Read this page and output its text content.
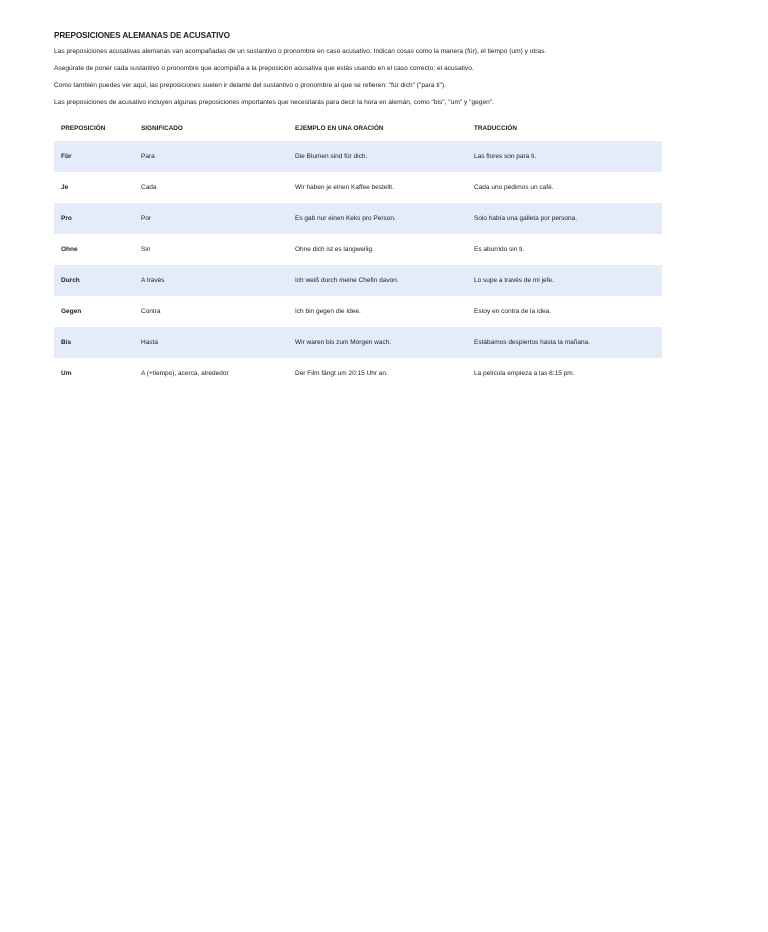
PREPOSICIONES ALEMANAS DE ACUSATIVO

Las preposiciones acusativas alemanas van acompañadas de un sustantivo o pronombre en caso acusativo. Indican cosas como la manera (für), el tiempo (um) y otras.

Asegúrate de poner cada sustantivo o pronombre que acompaña a la preposición acusativa que estás usando en el caso correcto: el acusativo.

Como también puedes ver aquí, las preposiciones suelen ir delante del sustantivo o pronombre al que se refieren: "für dich" ("para ti").

Las preposiciones de acusativo incluyen algunas preposiciones importantes que necesitarás para decir la hora en alemán, como "bis", "um" y "gegen".

PREPOSICIÓN	SIGNIFICADO	EJEMPLO EN UNA ORACIÓN	TRADUCCIÓN
Für	Para	Die Blumen sind für dich.	Las flores son para ti.
Je	Cada	Wir haben je einen Kaffee bestellt.	Cada uno pedimos un café.
Pro	Por	Es gab nur einen Keks pro Person.	Solo había una galleta por persona.
Ohne	Sin	Ohne dich ist es langweilig.	Es aburrido sin ti.
Durch	A través	Ich weiß durch meine Chefin davon.	Lo supe a través de mi jefe.
Gegen	Contra	Ich bin gegen die Idee.	Estoy en contra de la idea.
Bis	Hasta	Wir waren bis zum Morgen wach.	Estábamos despiertos hasta la mañana.
Um	A (+tiempo), acerca, alrededor	Der Film fängt um 20:15 Uhr an.	La película empieza a las 8:15 pm.
